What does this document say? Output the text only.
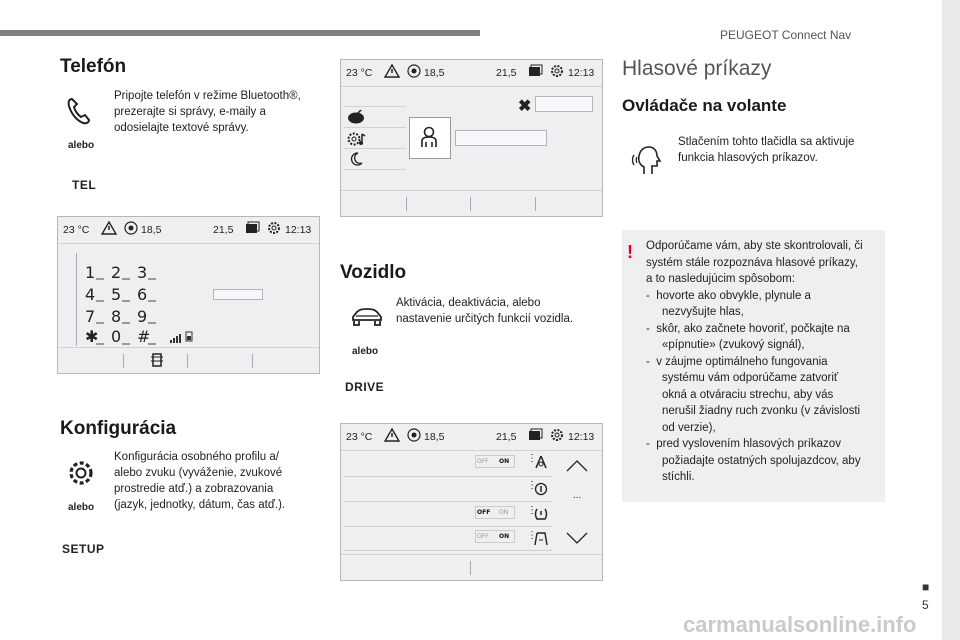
PEUGEOT Connect Nav
■
5
carmanualsonline.info
Telefón
alebo
Pripojte telefón v režime Bluetooth®,
prezerajte si správy, e-maily a
odosielajte textové správy.
TEL
23 °C	18,5	21,5	12:13
1 2 3
4 5 6
7 8 9
✱ 0 #
Konfigurácia
alebo
Konfigurácia osobného profilu a/
alebo zvuku (vyváženie, zvukové
prostredie atď.) a zobrazovania
(jazyk, jednotky, dátum, čas atď.).
SETUP
23 °C	18,5	21,5	12:13
✖
Vozidlo
alebo
Aktivácia, deaktivácia, alebo
nastavenie určitých funkcií vozidla.
DRIVE
23 °C	18,5	21,5	12:13
OFF ON ⋮
⋮
OFF ON ⋮
OFF ON ⋮
...
Hlasové príkazy
Ovládače na volante
Stlačením tohto tlačidla sa aktivuje
funkcia hlasových príkazov.
! Odporúčame vám, aby ste skontrolovali, či
systém stále rozpoznáva hlasové príkazy,
a to nasledujúcim spôsobom:
-  hovorte ako obvykle, plynule a
nezvyšujte hlas,
-  skôr, ako začnete hovoriť, počkajte na
«pípnutie» (zvukový signál),
-  v záujme optimálneho fungovania
systému vám odporúčame zatvoriť
okná a otváraciu strechu, aby vás
nerušil žiadny ruch zvonku (v závislosti
od verzie),
-  pred vyslovením hlasových príkazov
požiadajte ostatných spolujazdcov, aby
stíchli.
